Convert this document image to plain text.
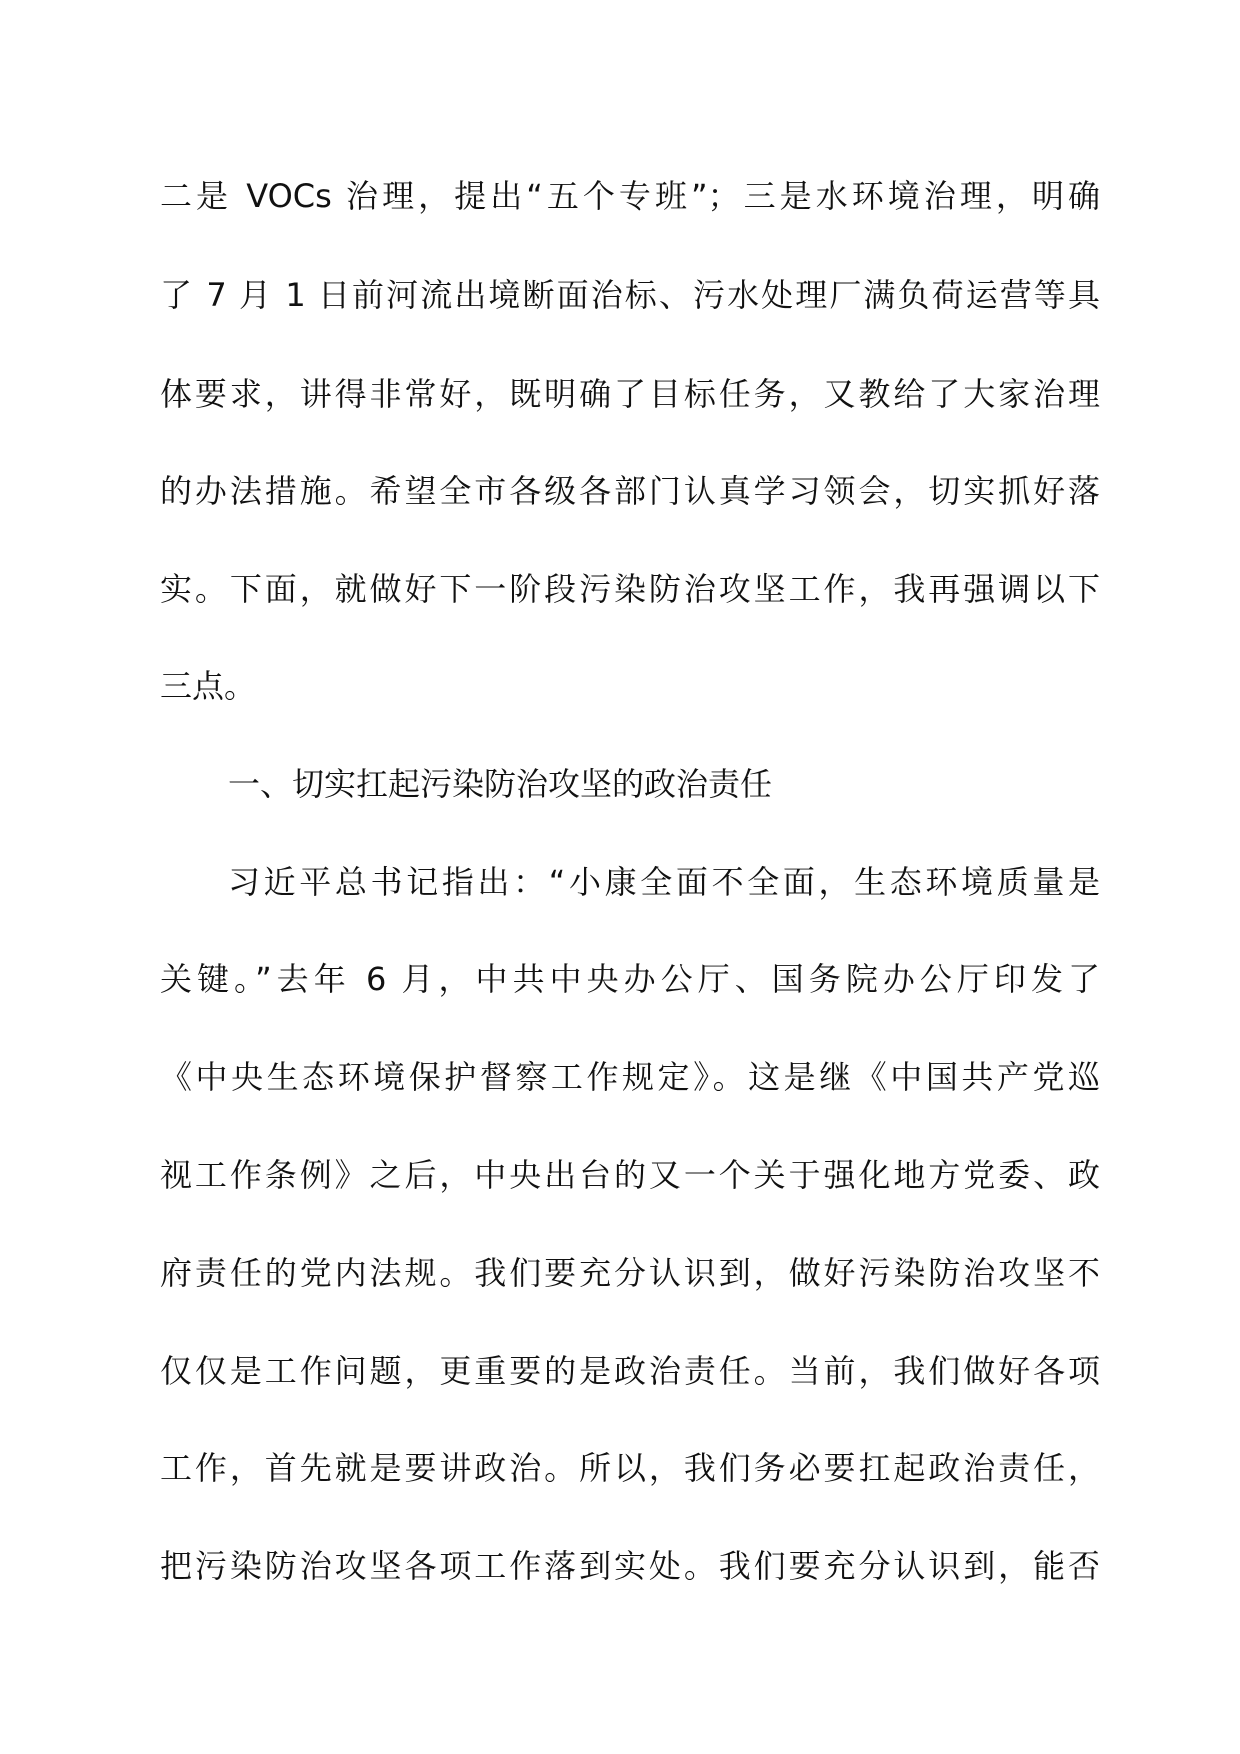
二是 VOCs 治理，提出“五个专班”；三是水环境治理，明确
了 7 月 1 日前河流出境断面治标、污水处理厂满负荷运营等具
体要求，讲得非常好，既明确了目标任务，又教给了大家治理
的办法措施。希望全市各级各部门认真学习领会，切实抓好落
实。下面，就做好下一阶段污染防治攻坚工作，我再强调以下
三点。
一、切实扛起污染防治攻坚的政治责任
习近平总书记指出：“小康全面不全面，生态环境质量是
关键。”去年 6 月，中共中央办公厅、国务院办公厅印发了
《中央生态环境保护督察工作规定》。这是继《中国共产党巡
视工作条例》之后，中央出台的又一个关于强化地方党委、政
府责任的党内法规。我们要充分认识到，做好污染防治攻坚不
仅仅是工作问题，更重要的是政治责任。当前，我们做好各项
工作，首先就是要讲政治。所以，我们务必要扛起政治责任，
把污染防治攻坚各项工作落到实处。我们要充分认识到，能否
